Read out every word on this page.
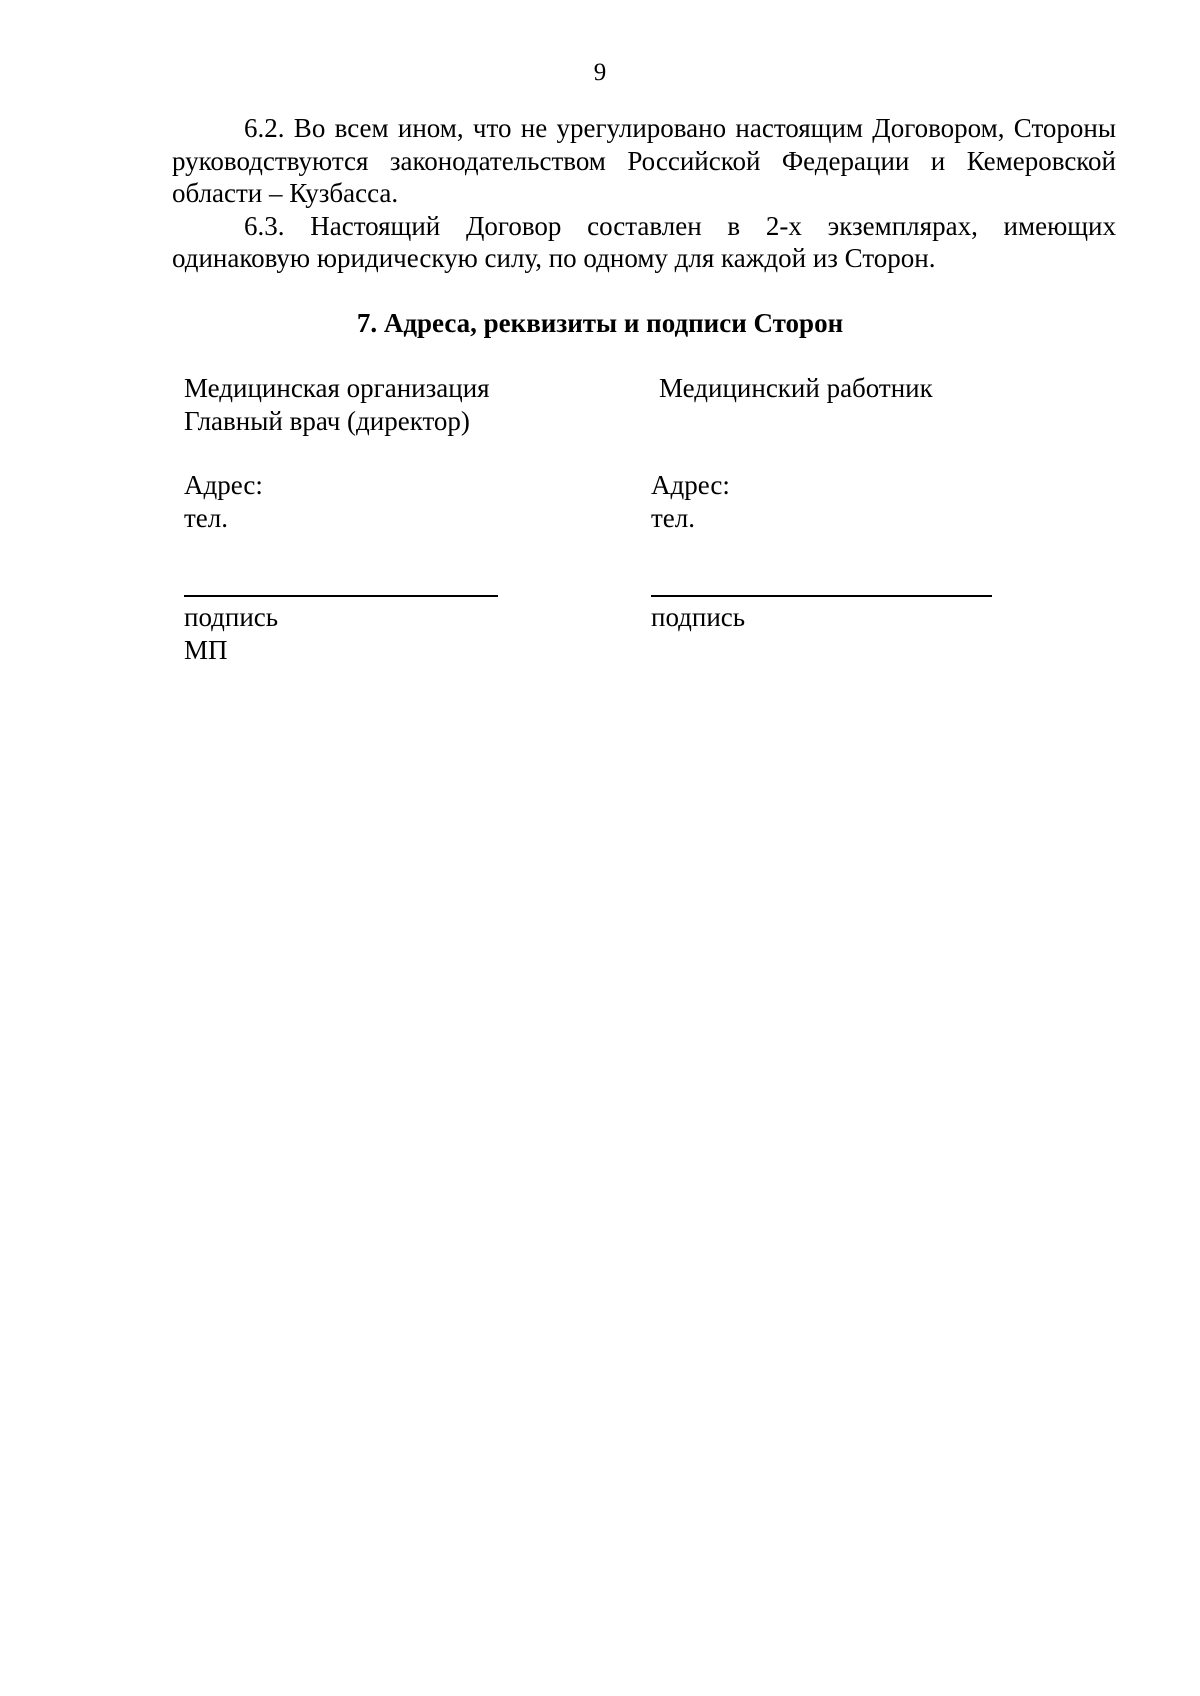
9

6.2. Во всем ином, что не урегулировано настоящим Договором, Стороны руководствуются законодательством Российской Федерации и Кемеровской области – Кузбасса.

6.3. Настоящий Договор составлен в 2-х экземплярах, имеющих одинаковую юридическую силу, по одному для каждой из Сторон.

7. Адреса, реквизиты и подписи Сторон
Медицинская организация
Главный врач (директор)
Адрес:
тел.
подпись
МП
Медицинский работник

Адрес:
тел.
подпись
